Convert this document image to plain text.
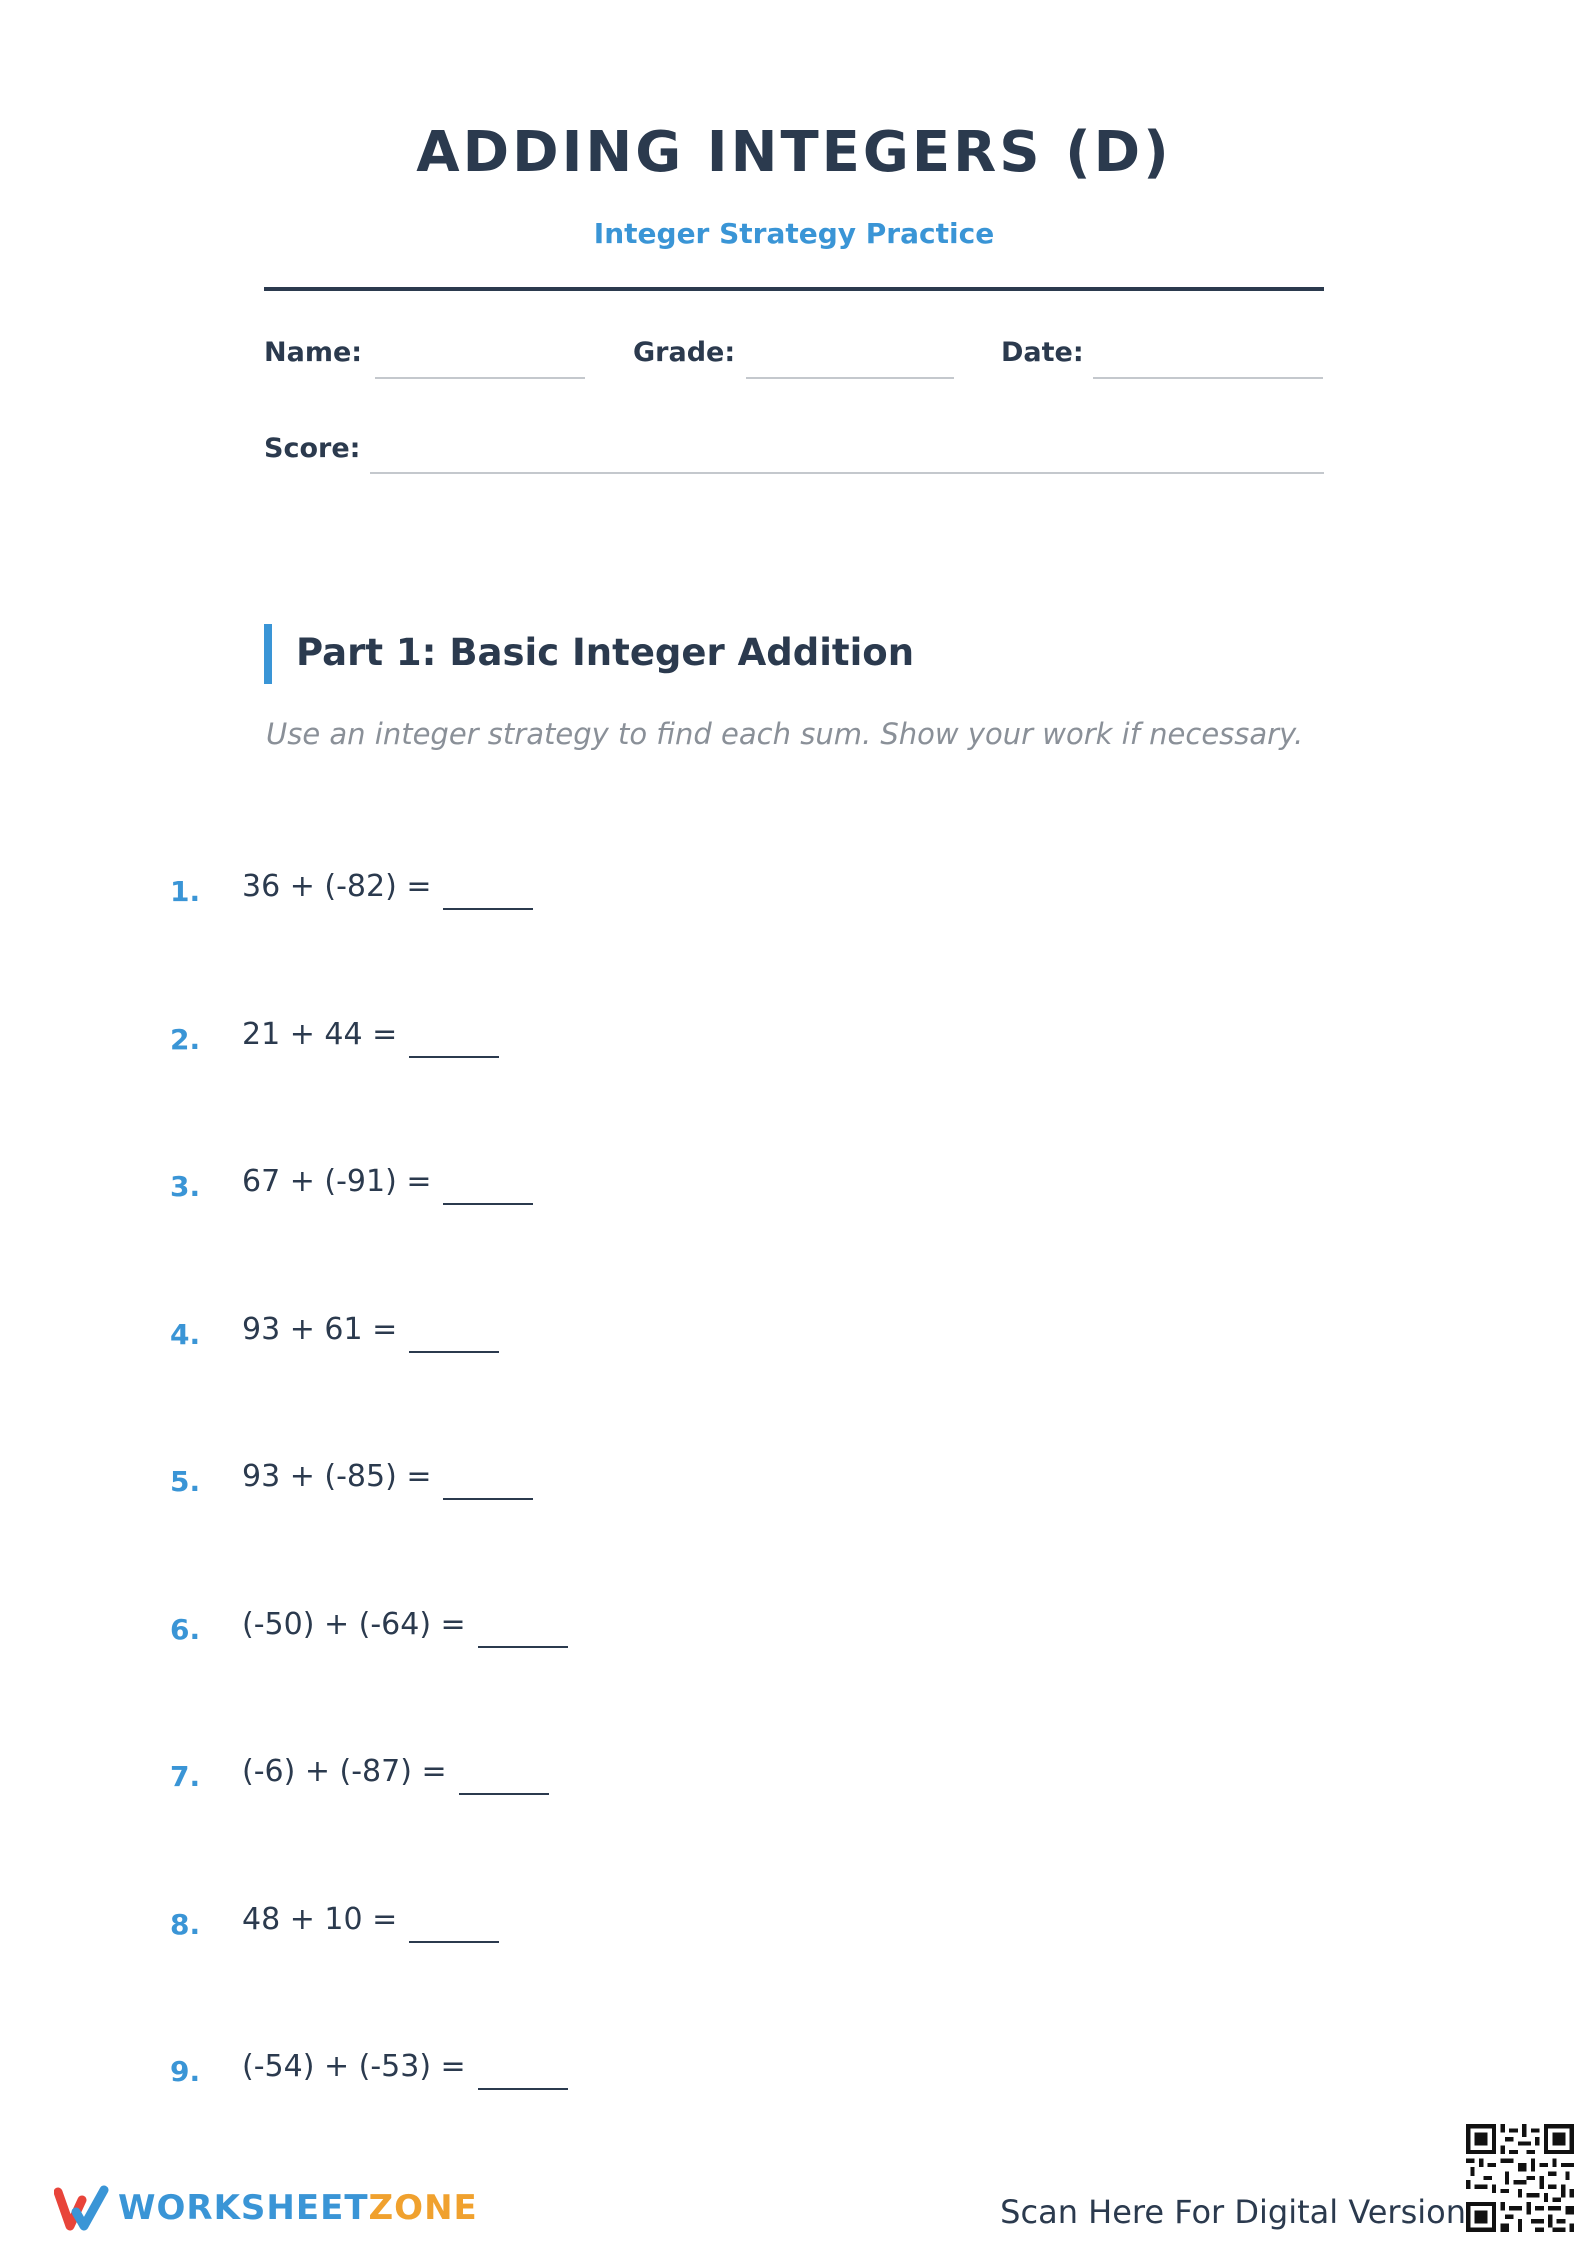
ADDING INTEGERS (D)
Integer Strategy Practice
Name:	Grade:	Date:
Score:
Part 1: Basic Integer Addition
Use an integer strategy to find each sum. Show your work if necessary.
1. 36 + (-82) =
2. 21 + 44 =
3. 67 + (-91) =
4. 93 + 61 =
5. 93 + (-85) =
6. (-50) + (-64) =
7. (-6) + (-87) =
8. 48 + 10 =
9. (-54) + (-53) =
WORKSHEETZONE	Scan Here For Digital Version
